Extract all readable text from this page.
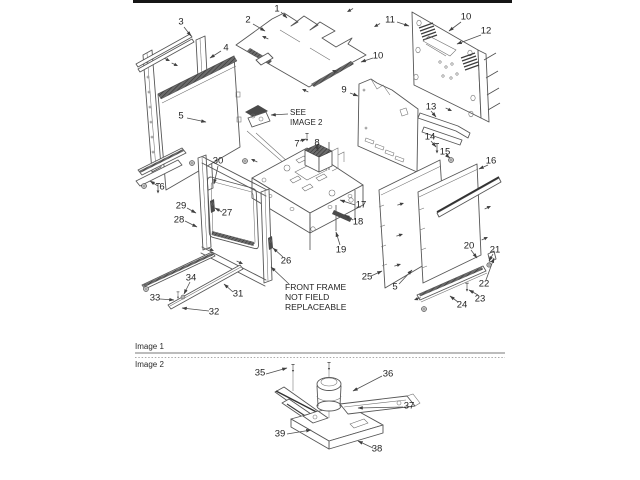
Image 1
Image 2
1
2
3
4
5
5
6
7 8
9
10
10
11
12
13
14
15
16
17
18
19	20 21
22
23
24
25
26
27
28
29
30
31
32
33
34
35	36
37
38
39
SEE
IMAGE 2
FRONT FRAME
NOT FIELD
REPLACEABLE
